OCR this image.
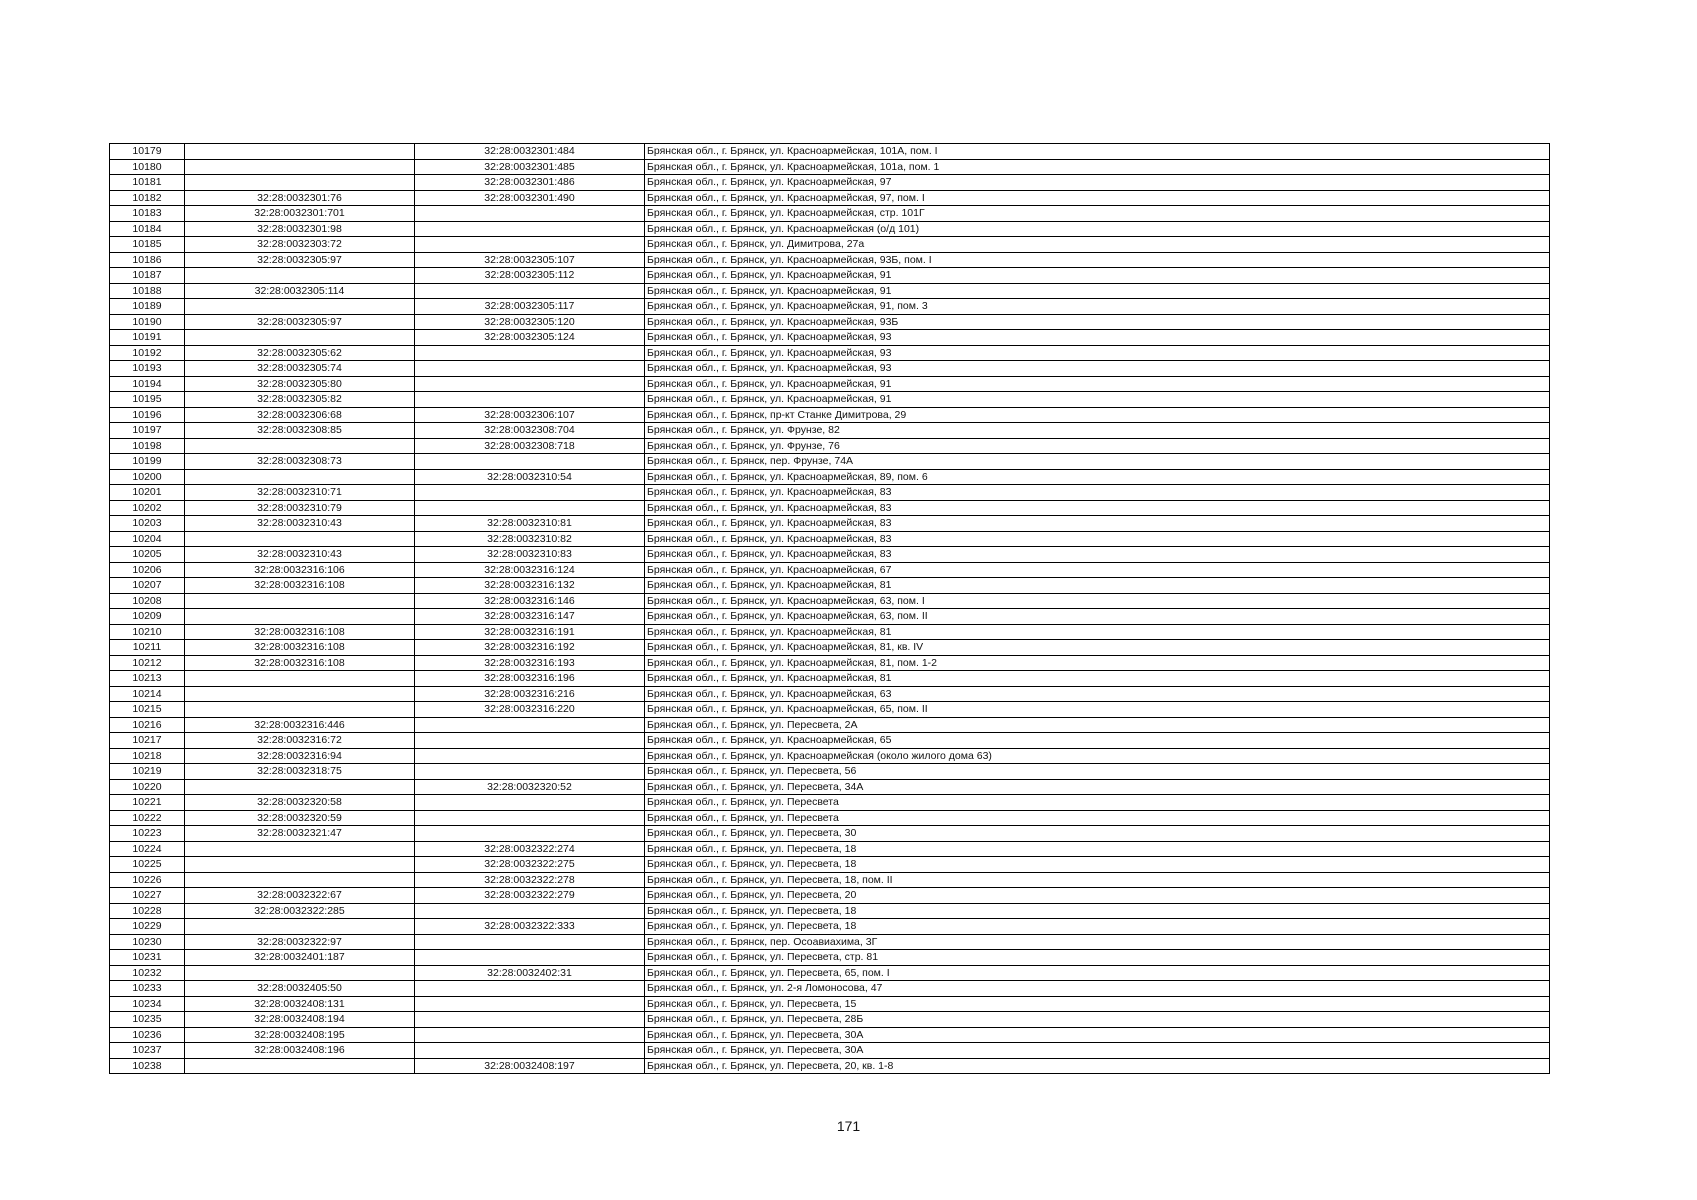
10179		32:28:0032301:484	Брянская обл., г. Брянск, ул. Красноармейская, 101А, пом. I
10180		32:28:0032301:485	Брянская обл., г. Брянск, ул. Красноармейская, 101а, пом. 1
10181		32:28:0032301:486	Брянская обл., г. Брянск, ул. Красноармейская, 97
10182	32:28:0032301:76	32:28:0032301:490	Брянская обл., г. Брянск, ул. Красноармейская, 97, пом. I
10183	32:28:0032301:701		Брянская обл., г. Брянск, ул. Красноармейская, стр. 101Г
10184	32:28:0032301:98		Брянская обл., г. Брянск, ул. Красноармейская (о/д 101)
10185	32:28:0032303:72		Брянская обл., г. Брянск, ул. Димитрова, 27а
10186	32:28:0032305:97	32:28:0032305:107	Брянская обл., г. Брянск, ул. Красноармейская, 93Б, пом. I
10187		32:28:0032305:112	Брянская обл., г. Брянск, ул. Красноармейская, 91
10188	32:28:0032305:114		Брянская обл., г. Брянск, ул. Красноармейская, 91
10189		32:28:0032305:117	Брянская обл., г. Брянск, ул. Красноармейская, 91, пом. 3
10190	32:28:0032305:97	32:28:0032305:120	Брянская обл., г. Брянск, ул. Красноармейская, 93Б
10191		32:28:0032305:124	Брянская обл., г. Брянск, ул. Красноармейская, 93
10192	32:28:0032305:62		Брянская обл., г. Брянск, ул. Красноармейская, 93
10193	32:28:0032305:74		Брянская обл., г. Брянск, ул. Красноармейская, 93
10194	32:28:0032305:80		Брянская обл., г. Брянск, ул. Красноармейская, 91
10195	32:28:0032305:82		Брянская обл., г. Брянск, ул. Красноармейская, 91
10196	32:28:0032306:68	32:28:0032306:107	Брянская обл., г. Брянск, пр-кт Станке Димитрова, 29
10197	32:28:0032308:85	32:28:0032308:704	Брянская обл., г. Брянск, ул. Фрунзе, 82
10198		32:28:0032308:718	Брянская обл., г. Брянск, ул. Фрунзе, 76
10199	32:28:0032308:73		Брянская обл., г. Брянск, пер. Фрунзе, 74А
10200		32:28:0032310:54	Брянская обл., г. Брянск, ул. Красноармейская, 89, пом. 6
10201	32:28:0032310:71		Брянская обл., г. Брянск, ул. Красноармейская, 83
10202	32:28:0032310:79		Брянская обл., г. Брянск, ул. Красноармейская, 83
10203	32:28:0032310:43	32:28:0032310:81	Брянская обл., г. Брянск, ул. Красноармейская, 83
10204		32:28:0032310:82	Брянская обл., г. Брянск, ул. Красноармейская, 83
10205	32:28:0032310:43	32:28:0032310:83	Брянская обл., г. Брянск, ул. Красноармейская, 83
10206	32:28:0032316:106	32:28:0032316:124	Брянская обл., г. Брянск, ул. Красноармейская, 67
10207	32:28:0032316:108	32:28:0032316:132	Брянская обл., г. Брянск, ул. Красноармейская, 81
10208		32:28:0032316:146	Брянская обл., г. Брянск, ул. Красноармейская, 63, пом. I
10209		32:28:0032316:147	Брянская обл., г. Брянск, ул. Красноармейская, 63, пом. II
10210	32:28:0032316:108	32:28:0032316:191	Брянская обл., г. Брянск, ул. Красноармейская, 81
10211	32:28:0032316:108	32:28:0032316:192	Брянская обл., г. Брянск, ул. Красноармейская, 81, кв. IV
10212	32:28:0032316:108	32:28:0032316:193	Брянская обл., г. Брянск, ул. Красноармейская, 81, пом. 1-2
10213		32:28:0032316:196	Брянская обл., г. Брянск, ул. Красноармейская, 81
10214		32:28:0032316:216	Брянская обл., г. Брянск, ул. Красноармейская, 63
10215		32:28:0032316:220	Брянская обл., г. Брянск, ул. Красноармейская, 65, пом. II
10216	32:28:0032316:446		Брянская обл., г. Брянск, ул. Пересвета, 2А
10217	32:28:0032316:72		Брянская обл., г. Брянск, ул. Красноармейская, 65
10218	32:28:0032316:94		Брянская обл., г. Брянск, ул. Красноармейская (около жилого дома 63)
10219	32:28:0032318:75		Брянская обл., г. Брянск, ул. Пересвета, 56
10220		32:28:0032320:52	Брянская обл., г. Брянск, ул. Пересвета, 34А
10221	32:28:0032320:58		Брянская обл., г. Брянск, ул. Пересвета
10222	32:28:0032320:59		Брянская обл., г. Брянск, ул. Пересвета
10223	32:28:0032321:47		Брянская обл., г. Брянск, ул. Пересвета, 30
10224		32:28:0032322:274	Брянская обл., г. Брянск, ул. Пересвета, 18
10225		32:28:0032322:275	Брянская обл., г. Брянск, ул. Пересвета, 18
10226		32:28:0032322:278	Брянская обл., г. Брянск, ул. Пересвета, 18, пом. II
10227	32:28:0032322:67	32:28:0032322:279	Брянская обл., г. Брянск, ул. Пересвета, 20
10228	32:28:0032322:285		Брянская обл., г. Брянск, ул. Пересвета, 18
10229		32:28:0032322:333	Брянская обл., г. Брянск, ул. Пересвета, 18
10230	32:28:0032322:97		Брянская обл., г. Брянск, пер. Осоавиахима, 3Г
10231	32:28:0032401:187		Брянская обл., г. Брянск, ул. Пересвета, стр. 81
10232		32:28:0032402:31	Брянская обл., г. Брянск, ул. Пересвета, 65, пом. I
10233	32:28:0032405:50		Брянская обл., г. Брянск, ул. 2-я Ломоносова, 47
10234	32:28:0032408:131		Брянская обл., г. Брянск, ул. Пересвета, 15
10235	32:28:0032408:194		Брянская обл., г. Брянск, ул. Пересвета, 28Б
10236	32:28:0032408:195		Брянская обл., г. Брянск, ул. Пересвета, 30А
10237	32:28:0032408:196		Брянская обл., г. Брянск, ул. Пересвета, 30А
10238		32:28:0032408:197	Брянская обл., г. Брянск, ул. Пересвета, 20, кв. 1-8
171
